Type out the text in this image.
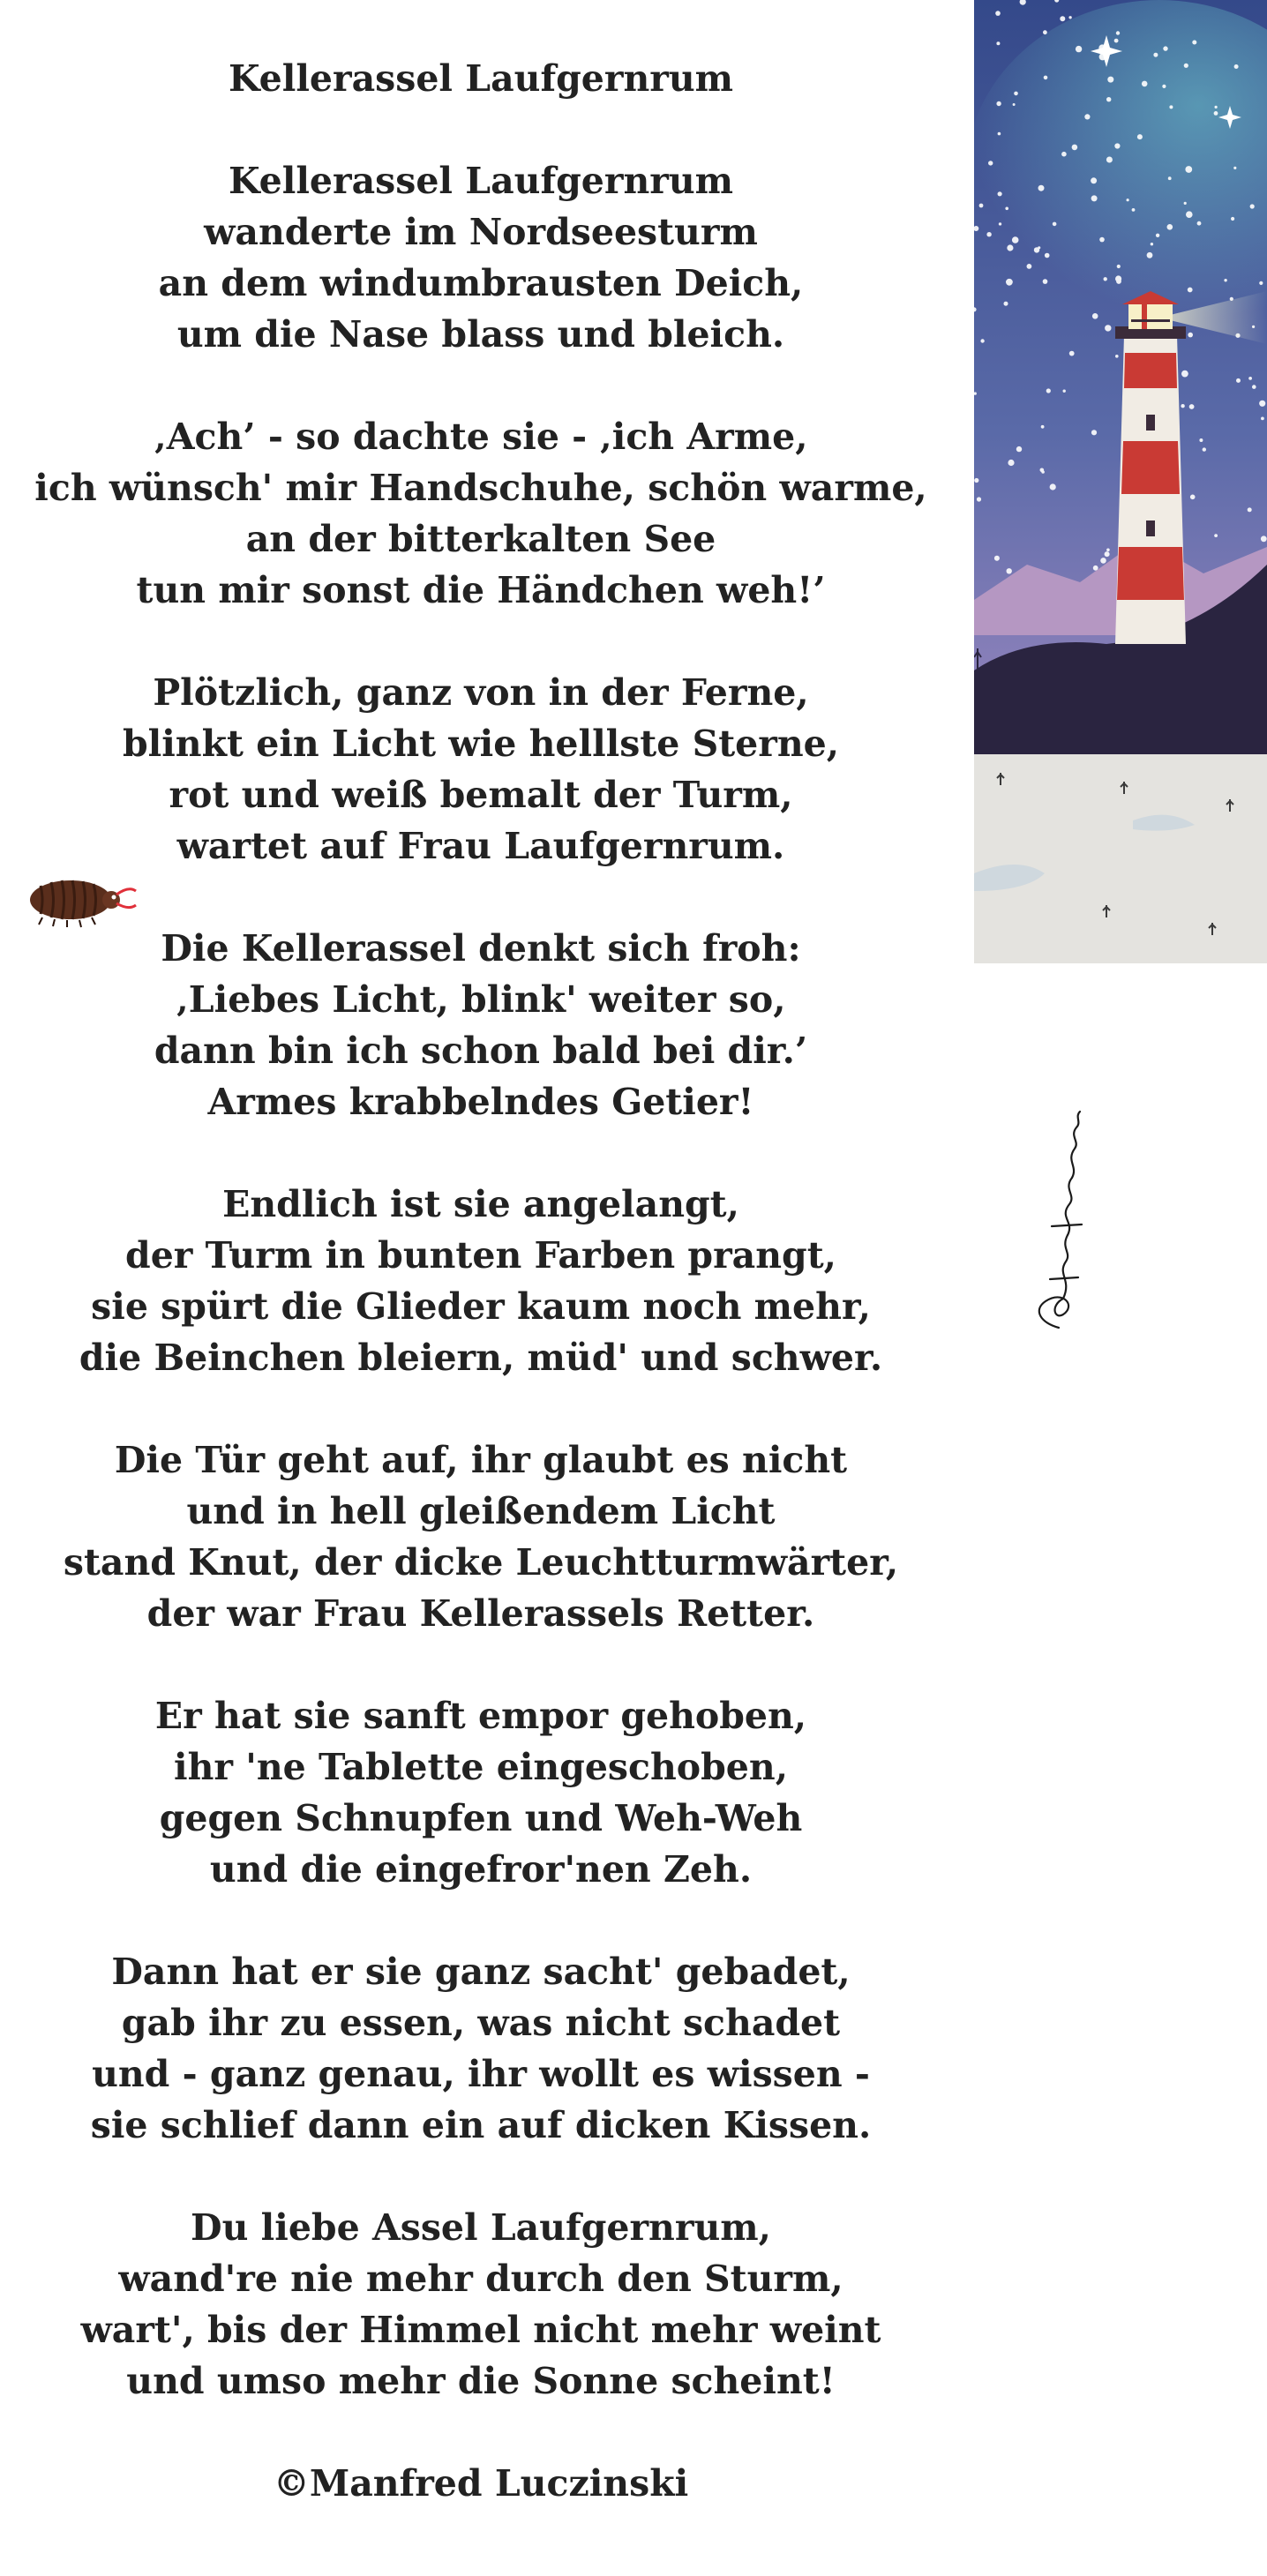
Kellerassel Laufgernrum
Kellerassel Laufgernrum
wanderte im Nordseesturm
an dem windumbrausten Deich,
um die Nase blass und bleich.
‚Ach’ - so dachte sie - ‚ich Arme,
ich wünsch' mir Handschuhe, schön warme,
an der bitterkalten See
tun mir sonst die Händchen weh!’
Plötzlich, ganz von in der Ferne,
blinkt ein Licht wie helllste Sterne,
rot und weiß bemalt der Turm,
wartet auf Frau Laufgernrum.
Die Kellerassel denkt sich froh:
‚Liebes Licht, blink' weiter so,
dann bin ich schon bald bei dir.’
Armes krabbelndes Getier!
Endlich ist sie angelangt,
der Turm in bunten Farben prangt,
sie spürt die Glieder kaum noch mehr,
die Beinchen bleiern, müd' und schwer.
Die Tür geht auf, ihr glaubt es nicht
und in hell gleißendem Licht
stand Knut, der dicke Leuchtturmwärter,
der war Frau Kellerassels Retter.
Er hat sie sanft empor gehoben,
ihr 'ne Tablette eingeschoben,
gegen Schnupfen und Weh-Weh
und die eingefror'nen Zeh.
Dann hat er sie ganz sacht' gebadet,
gab ihr zu essen, was nicht schadet
und - ganz genau, ihr wollt es wissen -
sie schlief dann ein auf dicken Kissen.
Du liebe Assel Laufgernrum,
wand're nie mehr durch den Sturm,
wart', bis der Himmel nicht mehr weint
und umso mehr die Sonne scheint!
©Manfred Luczinski
